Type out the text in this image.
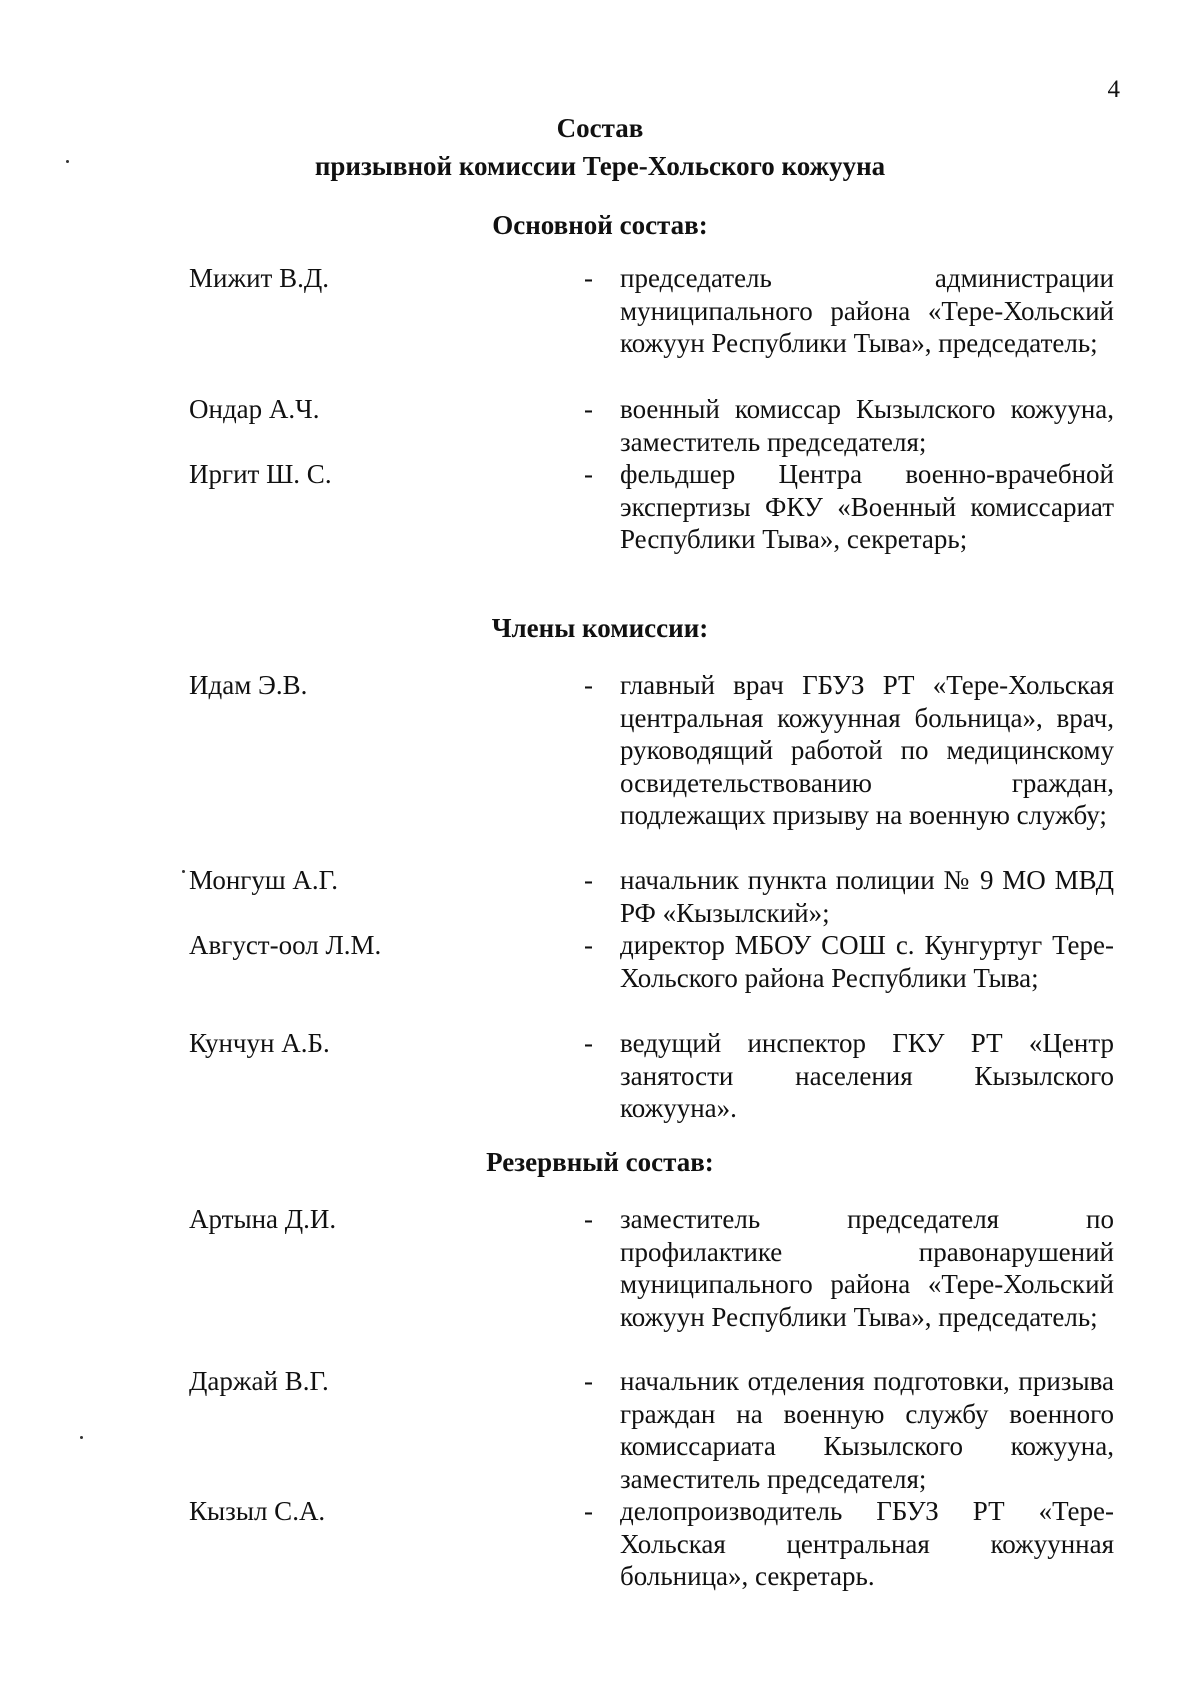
4
Состав
призывной комиссии Тере-Хольского кожууна
Основной состав:
Мижит В.Д.	- председатель администрации муниципального района «Тере-Хольский кожуун Республики Тыва», председатель;
Ондар А.Ч.	- военный комиссар Кызылского кожууна, заместитель председателя;
Иргит Ш. С.	- фельдшер Центра военно-врачебной экспертизы ФКУ «Военный комиссариат Республики Тыва», секретарь;
Члены комиссии:
Идам Э.В.	- главный врач ГБУЗ РТ «Тере-Хольская центральная кожуунная больница», врач, руководящий работой по медицинскому освидетельствованию граждан, подлежащих призыву на военную службу;
Монгуш А.Г.	- начальник пункта полиции № 9 МО МВД РФ «Кызылский»;
Август-оол Л.М.	- директор МБОУ СОШ с. Кунгуртуг Тере-Хольского района Республики Тыва;
Кунчун А.Б.	- ведущий инспектор ГКУ РТ «Центр занятости населения Кызылского кожууна».
Резервный состав:
Артына Д.И.	- заместитель председателя по профилактике правонарушений муниципального района «Тере-Хольский кожуун Республики Тыва», председатель;
Даржай В.Г.	- начальник отделения подготовки, призыва граждан на военную службу военного комиссариата Кызылского кожууна, заместитель председателя;
Кызыл С.А.	- делопроизводитель ГБУЗ РТ «Тере-Хольская центральная кожуунная больница», секретарь.
